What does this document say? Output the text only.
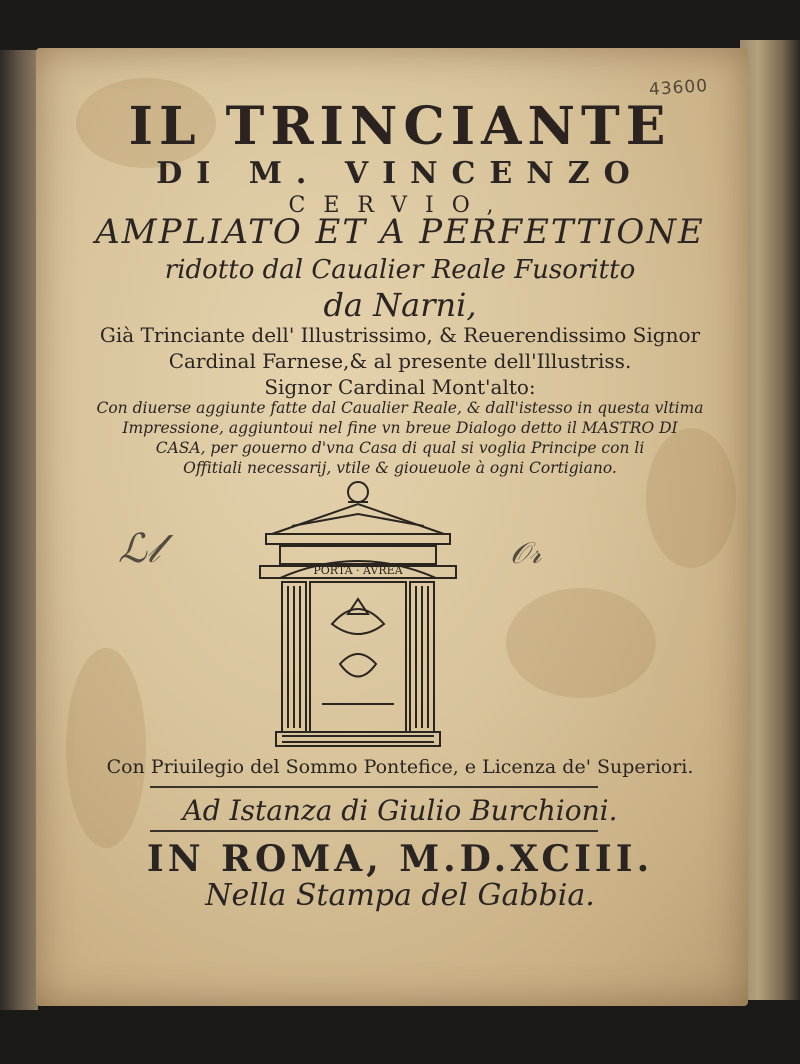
43600
IL TRINCIANTE
DI M. VINCENZO
CERVIO,
AMPLIATO ET A PERFETTIONE
ridotto dal Caualier Reale Fusoritto
da Narni,
Già Trinciante dell' Illustrissimo, & Reuerendissimo Signor
Cardinal Farnese,& al presente dell'Illustriss.
Signor Cardinal Mont'alto:
Con diuerse aggiunte fatte dal Caualier Reale, & dall'istesso in questa vltima
Impressione, aggiuntoui nel fine vn breue Dialogo detto il MASTRO DI
CASA, per gouerno d'vna Casa di qual si voglia Principe con li
Offitiali necessarij, vtile & gioueuole à ogni Cortigiano.
ℒ𝓁	𝒪𝓇
PORTA · AVREA
Con Priuilegio del Sommo Pontefice, e Licenza de' Superiori.
Ad Istanza di Giulio Burchioni.
IN ROMA, M.D.XCIII.
Nella Stampa del Gabbia.
